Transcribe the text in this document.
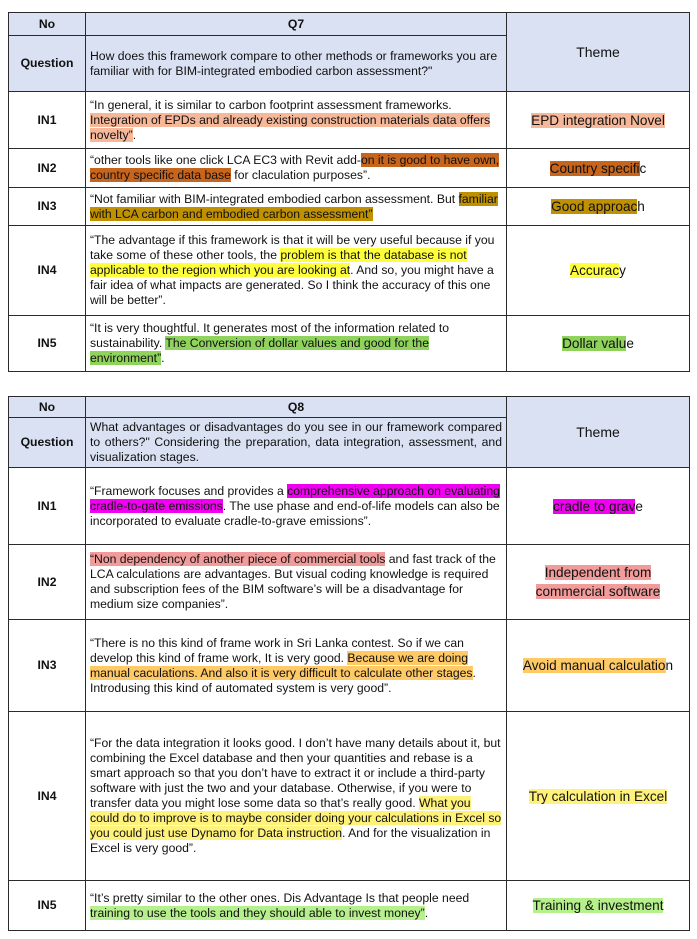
No	Q7	Theme
Question	How does this framework compare to other methods or frameworks you are familiar with for BIM-integrated embodied carbon assessment?"	
IN1	“In general, it is similar to carbon footprint assessment frameworks. Integration of EPDs and already existing construction materials data offers novelty”.	EPD integration Novel
IN2	“other tools like one click LCA EC3 with Revit add-on it is good to have own, country specific data base for claculation purposes”.	Country specific
IN3	“Not familiar with BIM-integrated embodied carbon assessment. But familiar with LCA carbon and embodied carbon assessment”	Good approach
IN4	“The advantage if this framework is that it will be very useful because if you take some of these other tools, the problem is that the database is not applicable to the region which you are looking at. And so, you might have a fair idea of what impacts are generated. So I think the accuracy of this one will be better”.	Accuracy
IN5	“It is very thoughtful. It generates most of the information related to sustainability. The Conversion of dollar values and good for the environment”.	Dollar value
No	Q8	Theme
Question	What advantages or disadvantages do you see in our framework compared to others?" Considering the preparation, data integration, assessment, and visualization stages.	
IN1	“Framework focuses and provides a comprehensive approach on evaluating cradle-to-gate emissions. The use phase and end-of-life models can also be incorporated to evaluate cradle-to-grave emissions”.	cradle to grave
IN2	“Non dependency of another piece of commercial tools and fast track of the LCA calculations are advantages. But visual coding knowledge is required and subscription fees of the BIM software’s will be a disadvantage for medium size companies”.	Independent from commercial software
IN3	“There is no this kind of frame work in Sri Lanka contest. So if we can develop this kind of frame work, It is very good. Because we are doing manual caculations. And also it is very difficult to calculate other stages. Introdusing this kind of automated system is very good”.	Avoid manual calculation
IN4	“For the data integration it looks good. I don’t have many details about it, but combining the Excel database and then your quantities and rebase is a smart approach so that you don’t have to extract it or include a third-party software with just the two and your database. Otherwise, if you were to transfer data you might lose some data so that’s really good. What you could do to improve is to maybe consider doing your calculations in Excel so you could just use Dynamo for Data instruction. And for the visualization in Excel is very good”.	Try calculation in Excel
IN5	“It’s pretty similar to the other ones. Dis Advantage Is that people need training to use the tools and they should able to invest money”.	Training & investment
